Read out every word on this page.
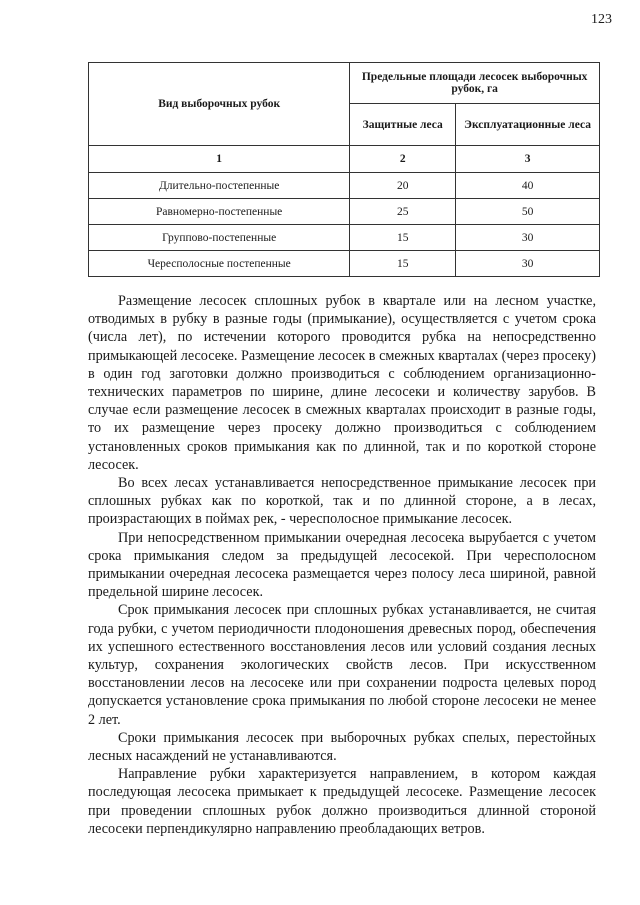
123
Вид выборочных рубок	Предельные площади лесосек выборочных рубок, га	
	Защитные леса	Эксплуатационные леса
1	2	3
Длительно-постепенные	20	40
Равномерно-постепенные	25	50
Группово-постепенные	15	30
Чересполосные постепенные	15	30

Размещение лесосек сплошных рубок в квартале или на лесном участке, отводимых в рубку в разные годы (примыкание), осуществляется с учетом срока (числа лет), по истечении которого проводится рубка на непосредственно примыкающей лесосеке. Размещение лесосек в смежных кварталах (через просеку) в один год заготовки должно производиться с соблюдением организационно-технических параметров по ширине, длине лесосеки и количеству зарубов. В случае если размещение лесосек в смежных кварталах происходит в разные годы, то их размещение через просеку должно производиться с соблюдением установленных сроков примыкания как по длинной, так и по короткой стороне лесосек.

Во всех лесах устанавливается непосредственное примыкание лесосек при сплошных рубках как по короткой, так и по длинной стороне, а в лесах, произрастающих в поймах рек, - чересполосное примыкание лесосек.

При непосредственном примыкании очередная лесосека вырубается с учетом срока примыкания следом за предыдущей лесосекой. При чересполосном примыкании очередная лесосека размещается через полосу леса шириной, равной предельной ширине лесосек.

Срок примыкания лесосек при сплошных рубках устанавливается, не считая года рубки, с учетом периодичности плодоношения древесных пород, обеспечения их успешного естественного восстановления лесов или условий создания лесных культур, сохранения экологических свойств лесов. При искусственном восстановлении лесов на лесосеке или при сохранении подроста целевых пород допускается установление срока примыкания по любой стороне лесосеки не менее 2 лет.

Сроки примыкания лесосек при выборочных рубках спелых, перестойных лесных насаждений не устанавливаются.

Направление рубки характеризуется направлением, в котором каждая последующая лесосека примыкает к предыдущей лесосеке. Размещение лесосек при проведении сплошных рубок должно производиться длинной стороной лесосеки перпендикулярно направлению преобладающих ветров.
